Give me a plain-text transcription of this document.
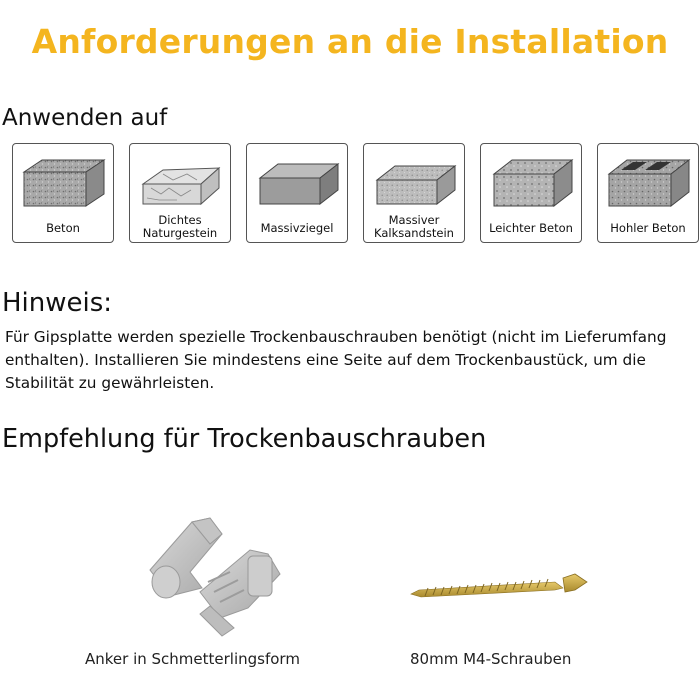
Anforderungen an die Installation
Anwenden auf
Beton
Dichtes
Naturgestein	Massivziegel
Massiver
Kalksandstein	Leichter Beton	Hohler Beton
Hinweis:
Für Gipsplatte werden spezielle Trockenbauschrauben benötigt (nicht im Lieferumfang enthalten). Installieren Sie mindestens eine Seite auf dem Trockenbaustück, um die Stabilität zu gewährleisten.
Empfehlung für Trockenbauschrauben
Anker in Schmetterlingsform	80mm M4-Schrauben
